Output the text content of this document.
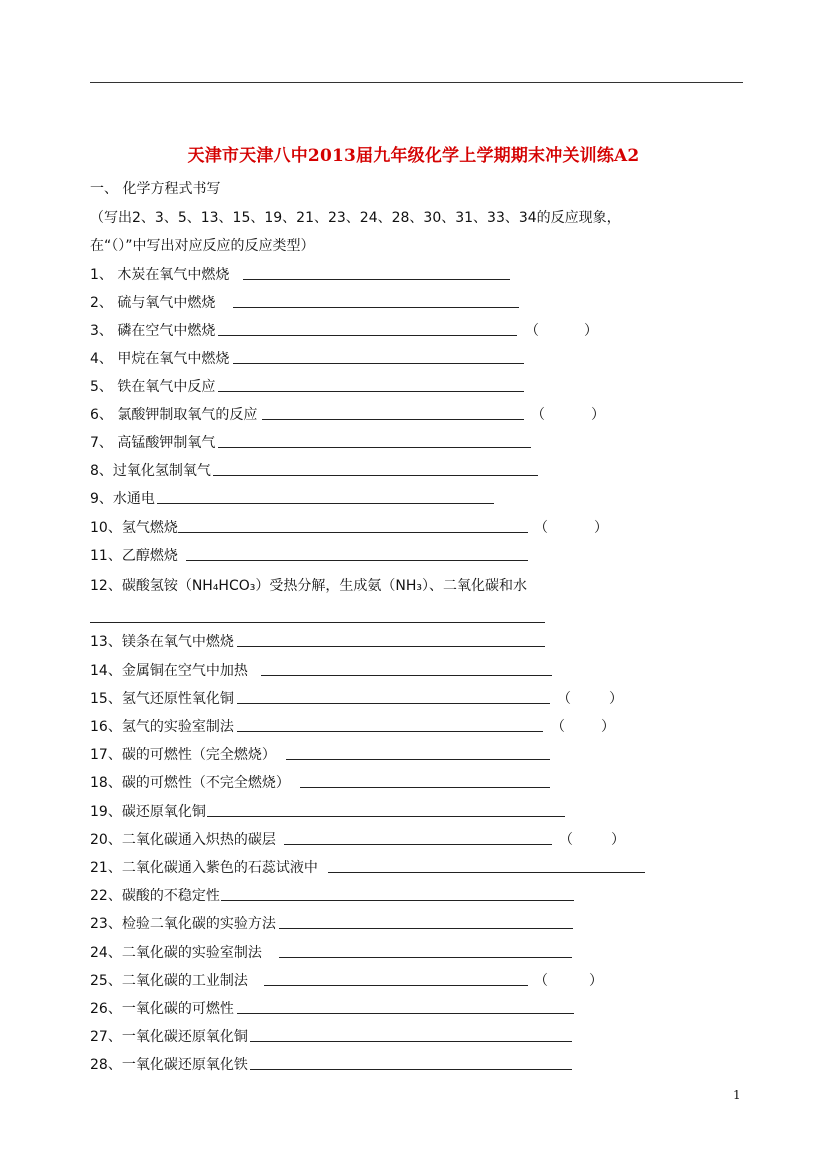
天津市天津八中2013届九年级化学上学期期末冲关训练A2
一、 化学方程式书写
（写出2、3、5、13、15、19、21、23、24、28、30、31、33、34的反应现象，
在“（）”中写出对应反应的反应类型）
1、 木炭在氧气中燃烧
2、 硫与氧气中燃烧
3、 磷在空气中燃烧	（	）
4、 甲烷在氧气中燃烧
5、 铁在氧气中反应
6、 氯酸钾制取氧气的反应	（	）
7、 高锰酸钾制氧气
8、过氧化氢制氧气
9、水通电
10、氢气燃烧	（	）
11、乙醇燃烧
13、镁条在氧气中燃烧
14、金属铜在空气中加热
15、氢气还原性氧化铜	（	）
16、氢气的实验室制法	（	）
17、碳的可燃性（完全燃烧）
18、碳的可燃性（不完全燃烧）
19、碳还原氧化铜
20、二氧化碳通入炽热的碳层	（	）
21、二氧化碳通入紫色的石蕊试液中
22、碳酸的不稳定性
23、检验二氧化碳的实验方法
24、二氧化碳的实验室制法
25、二氧化碳的工业制法	（	）
26、一氧化碳的可燃性
27、一氧化碳还原氧化铜
28、一氧化碳还原氧化铁
12、碳酸氢铵（NH₄HCO₃）受热分解，生成氨（NH₃）、二氧化碳和水
1
